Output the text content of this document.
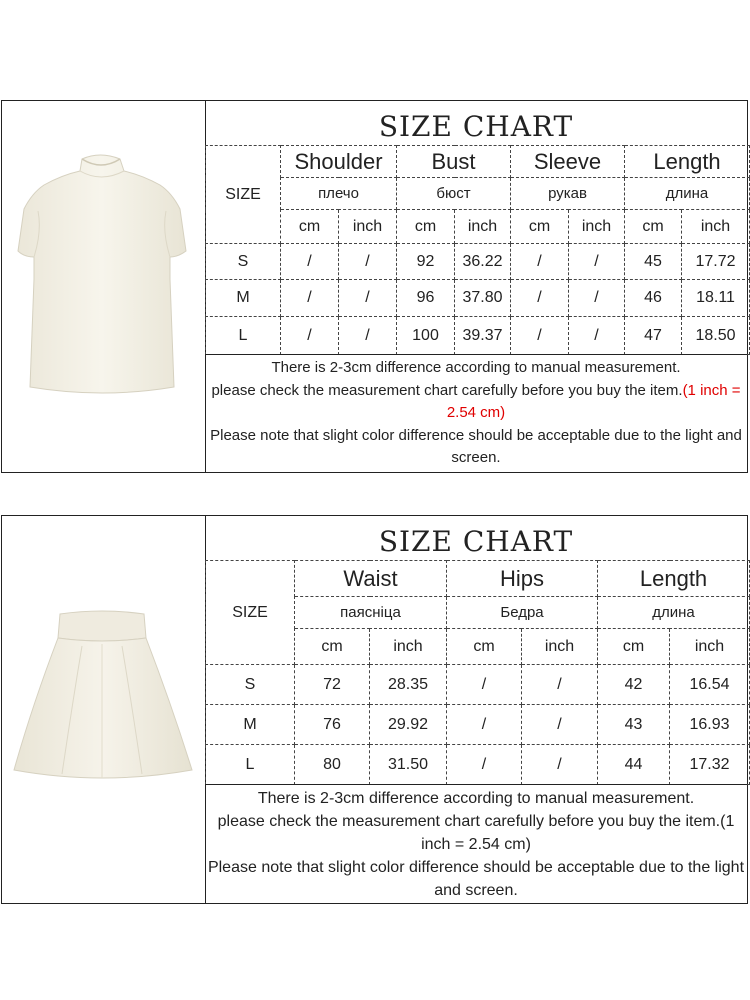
SIZE CHART
SIZE	Shoulder		Bust		Sleeve		Length	
	плечо		бюст		рукав		длина	
	cm	inch	cm	inch	cm	inch	cm	inch
S	/	/	92	36.22	/	/	45	17.72
M	/	/	96	37.80	/	/	46	18.11
L	/	/	100	39.37	/	/	47	18.50
There is 2-3cm difference according to manual measurement.
please check the measurement chart carefully before you buy the item.(1 inch = 2.54 cm)
Please note that slight color difference should be acceptable due to the light and screen.
SIZE CHART
SIZE	Waist		Hips		Length	
	паясніца		Бедра		длина	
	cm	inch	cm	inch	cm	inch
S	72	28.35	/	/	42	16.54
M	76	29.92	/	/	43	16.93
L	80	31.50	/	/	44	17.32
There is 2-3cm difference according to manual measurement.
please check the measurement chart carefully before you buy the item.(1 inch = 2.54 cm)
Please note that slight color difference should be acceptable due to the light and screen.
